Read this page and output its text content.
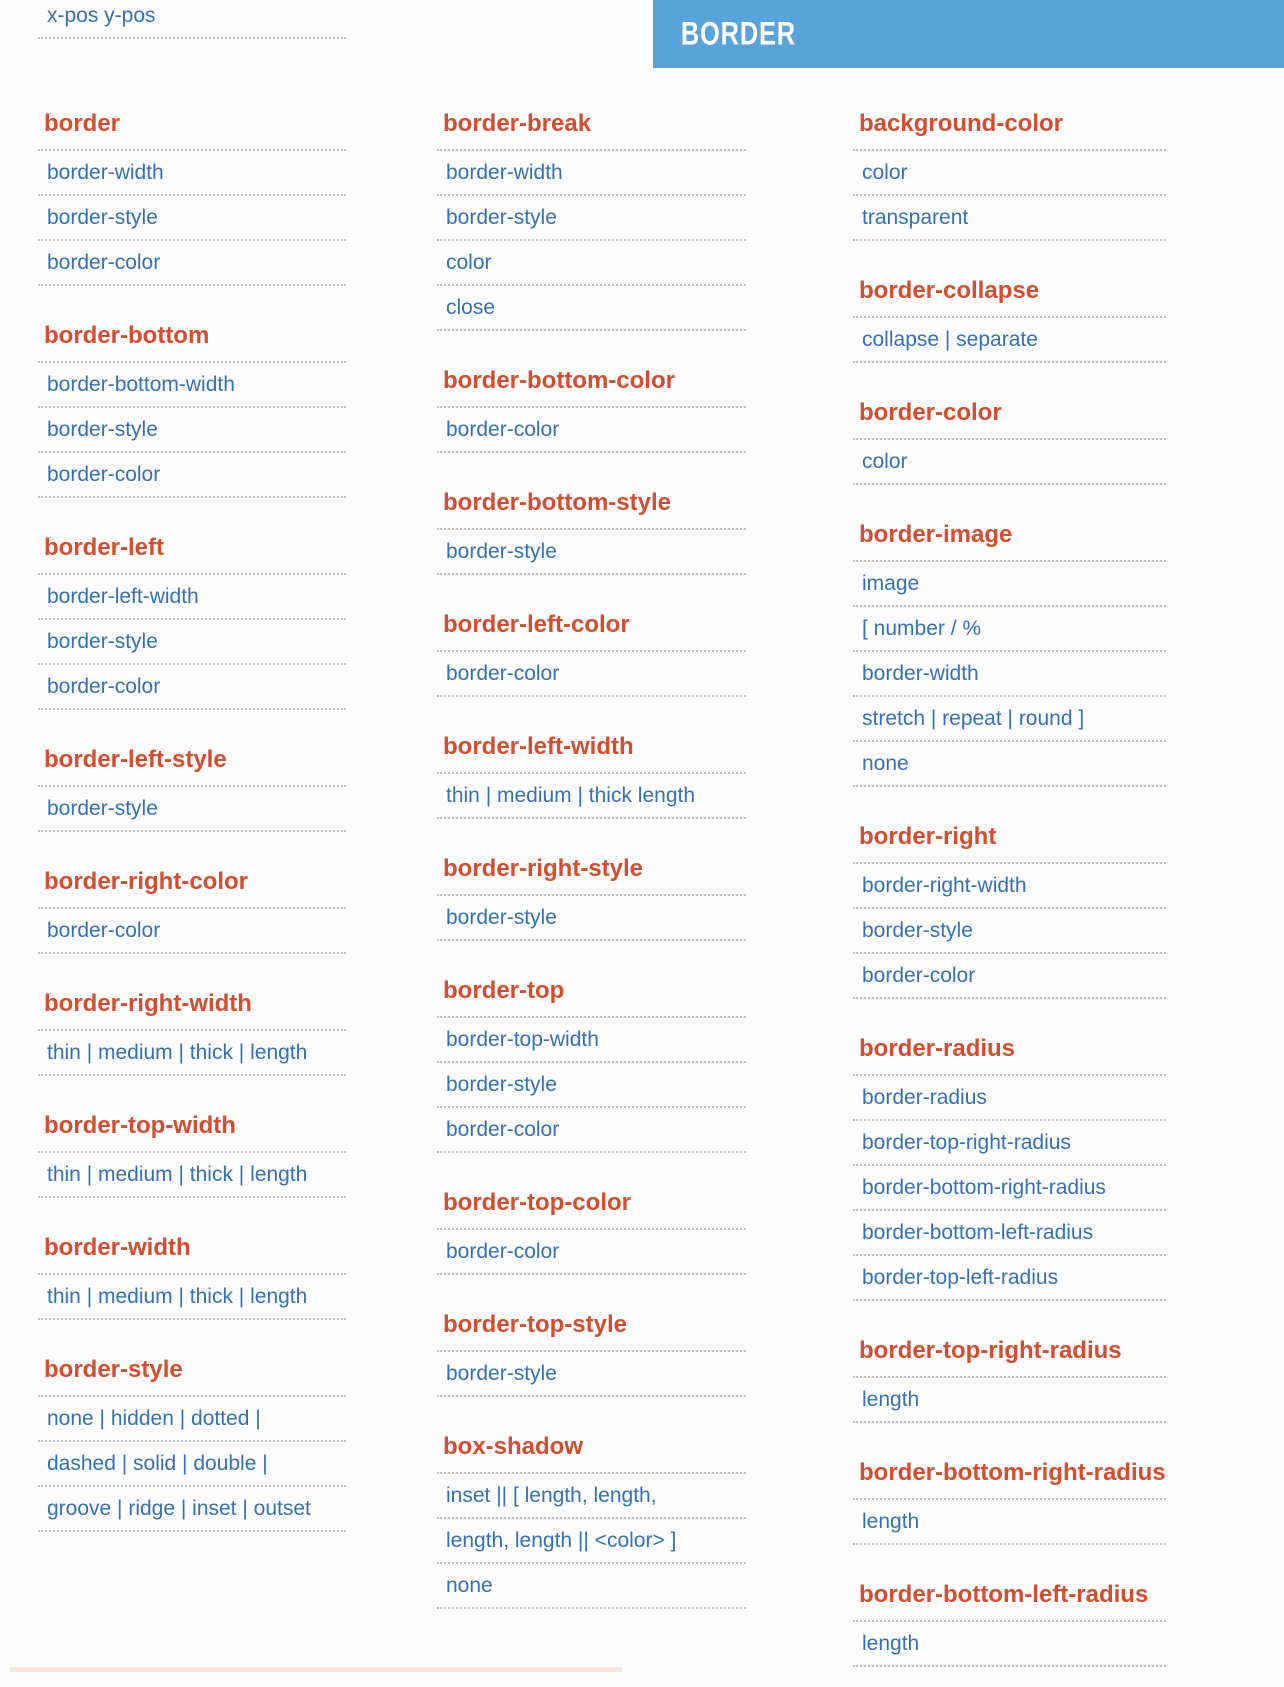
x-pos y-pos	BORDER
border
border-width
border-style
border-color
border-bottom
border-bottom-width
border-style
border-color
border-left
border-left-width
border-style
border-color
border-left-style
border-style
border-right-color
border-color
border-right-width
thin | medium | thick | length
border-top-width
thin | medium | thick | length
border-width
thin | medium | thick | length
border-style
none | hidden | dotted |
dashed | solid | double |
groove | ridge | inset | outset
border-break
border-width
border-style
color
close
border-bottom-color
border-color
border-bottom-style
border-style
border-left-color
border-color
border-left-width
thin | medium | thick length
border-right-style
border-style
border-top
border-top-width
border-style
border-color
border-top-color
border-color
border-top-style
border-style
box-shadow
inset || [ length, length,
length, length || <color> ]
none
background-color
color
transparent
border-collapse
collapse | separate
border-color
color
border-image
image
[ number / %
border-width
stretch | repeat | round ]
none
border-right
border-right-width
border-style
border-color
border-radius
border-radius
border-top-right-radius
border-bottom-right-radius
border-bottom-left-radius
border-top-left-radius
border-top-right-radius
length
border-bottom-right-radius
length
border-bottom-left-radius
length
